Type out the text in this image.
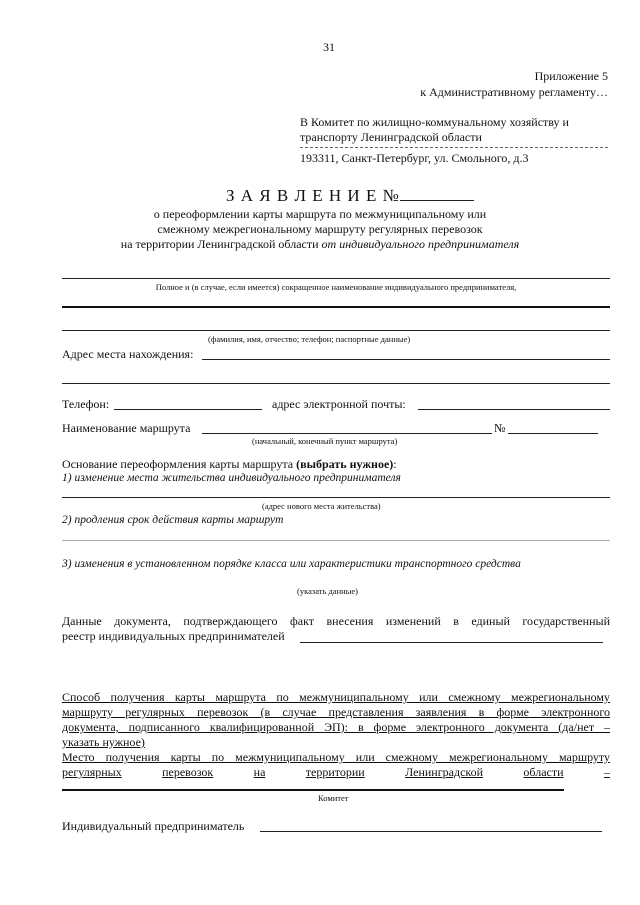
31
Приложение 5
к Административному регламенту…
В Комитет по жилищно-коммунальному хозяйству и
транспорту Ленинградской области
193311, Санкт-Петербург, ул. Смольного, д.3
З А Я В Л Е Н И Е №
о переоформлении карты маршрута по межмуниципальному или
смежному межрегиональному маршруту регулярных перевозок
на территории Ленинградской области от индивидуального предпринимателя
Полное и (в случае, если имеется) сокращенное наименование индивидуального предпринимателя,
(фамилия, имя, отчество; телефон; паспортные данные)
Адрес места нахождения:
Телефон:	адрес электронной почты:
Наименование маршрута	№
(начальный, конечный пункт маршрута)
Основание переоформления карты маршрута (выбрать нужное):
1) изменение места жительства индивидуального предпринимателя
(адрес нового места жительства)
2) продления срок действия карты маршрут
3) изменения в установленном порядке класса или характеристики транспортного средства
(указать данные)
Данные документа, подтверждающего факт внесения изменений в единый государственный
реестр индивидуальных предпринимателей
Способ получения карты маршрута по межмуниципальному или смежному межрегиональному
маршруту регулярных перевозок (в случае представления заявления в форме электронного
документа, подписанного квалифицированной ЭП): в форме электронного документа (да/нет –
указать нужное)
Место получения карты по межмуниципальному или смежному межрегиональному маршруту
регулярных	перевозок	на	территории	Ленинградской	области	–
Комитет
Индивидуальный предприниматель
